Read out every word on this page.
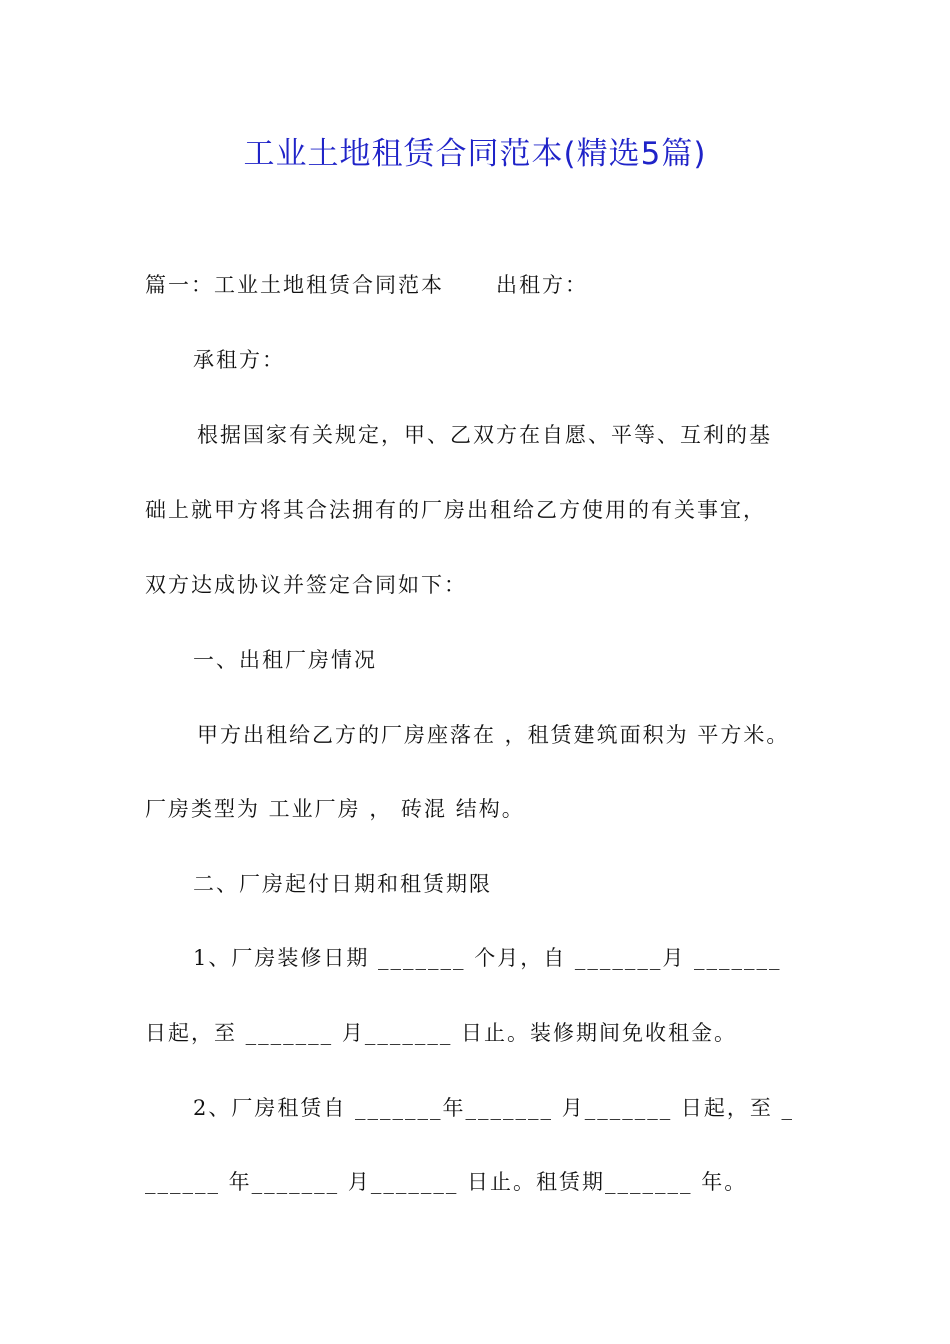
工业土地租赁合同范本(精选5篇)
篇一：工业土地租赁合同范本      出租方：
承租方：
根据国家有关规定，甲、乙双方在自愿、平等、互利的基
础上就甲方将其合法拥有的厂房出租给乙方使用的有关事宜，
双方达成协议并签定合同如下：
一、出租厂房情况
甲方出租给乙方的厂房座落在 ，租赁建筑面积为 平方米。
厂房类型为 工业厂房 ， 砖混 结构。
二、厂房起付日期和租赁期限
1、厂房装修日期 _______ 个月，自 _______月 _______
日起，至 _______ 月_______ 日止。装修期间免收租金。
2、厂房租赁自 _______年_______ 月_______ 日起，至 _
______ 年_______ 月_______ 日止。租赁期_______ 年。
